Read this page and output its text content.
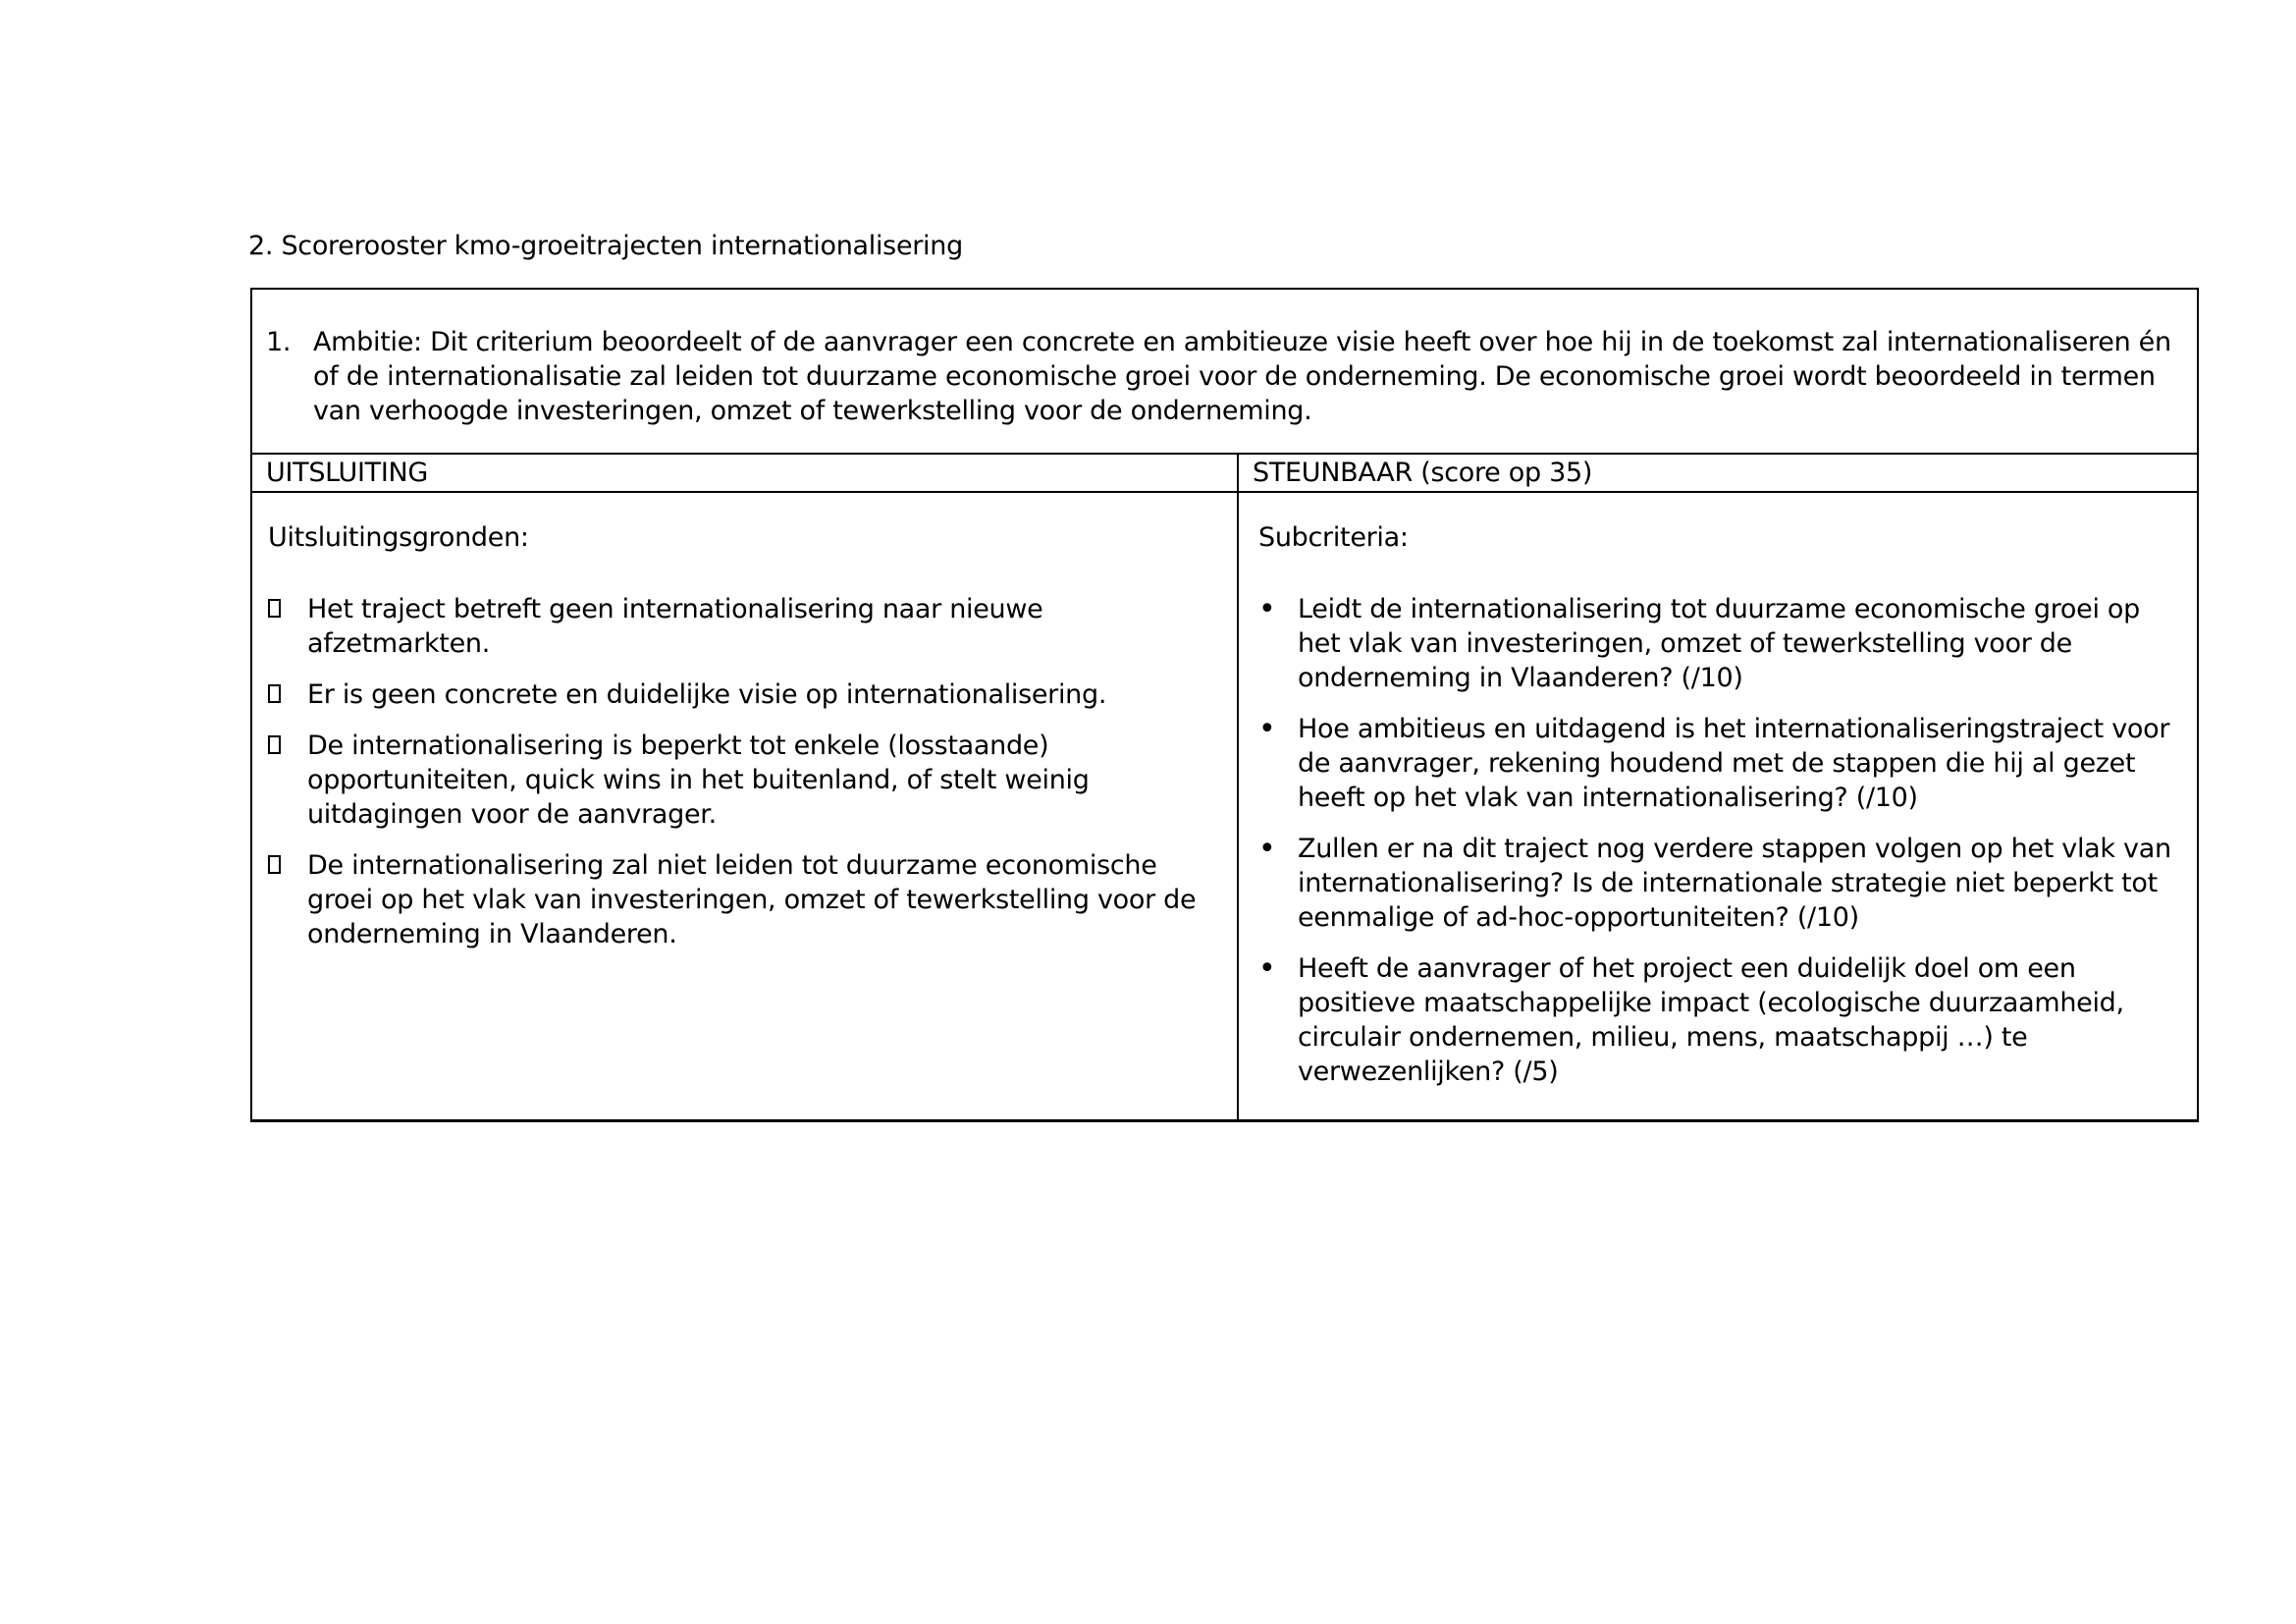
2. Scorerooster kmo-groeitrajecten internationalisering
1. Ambitie: Dit criterium beoordeelt of de aanvrager een concrete en ambitieuze visie heeft over hoe hij in de toekomst zal internationaliseren én of de internationalisatie zal leiden tot duurzame economische groei voor de onderneming. De economische groei wordt beoordeeld in termen van verhoogde investeringen, omzet of tewerkstelling voor de onderneming.
UITSLUITING	STEUNBAAR (score op 35)
Uitsluitingsgronden:
Het traject betreft geen internationalisering naar nieuwe afzetmarkten.
Er is geen concrete en duidelijke visie op internationalisering.
De internationalisering is beperkt tot enkele (losstaande) opportuniteiten, quick wins in het buitenland, of stelt weinig uitdagingen voor de aanvrager.
De internationalisering zal niet leiden tot duurzame economische groei op het vlak van investeringen, omzet of tewerkstelling voor de onderneming in Vlaanderen.
Subcriteria:
• Leidt de internationalisering tot duurzame economische groei op het vlak van investeringen, omzet of tewerkstelling voor de onderneming in Vlaanderen? (/10)
• Hoe ambitieus en uitdagend is het internationaliseringstraject voor de aanvrager, rekening houdend met de stappen die hij al gezet heeft op het vlak van internationalisering? (/10)
• Zullen er na dit traject nog verdere stappen volgen op het vlak van internationalisering? Is de internationale strategie niet beperkt tot eenmalige of ad-hoc-opportuniteiten? (/10)
• Heeft de aanvrager of het project een duidelijk doel om een positieve maatschappelijke impact (ecologische duurzaamheid, circulair ondernemen, milieu, mens, maatschappij …) te verwezenlijken? (/5)
